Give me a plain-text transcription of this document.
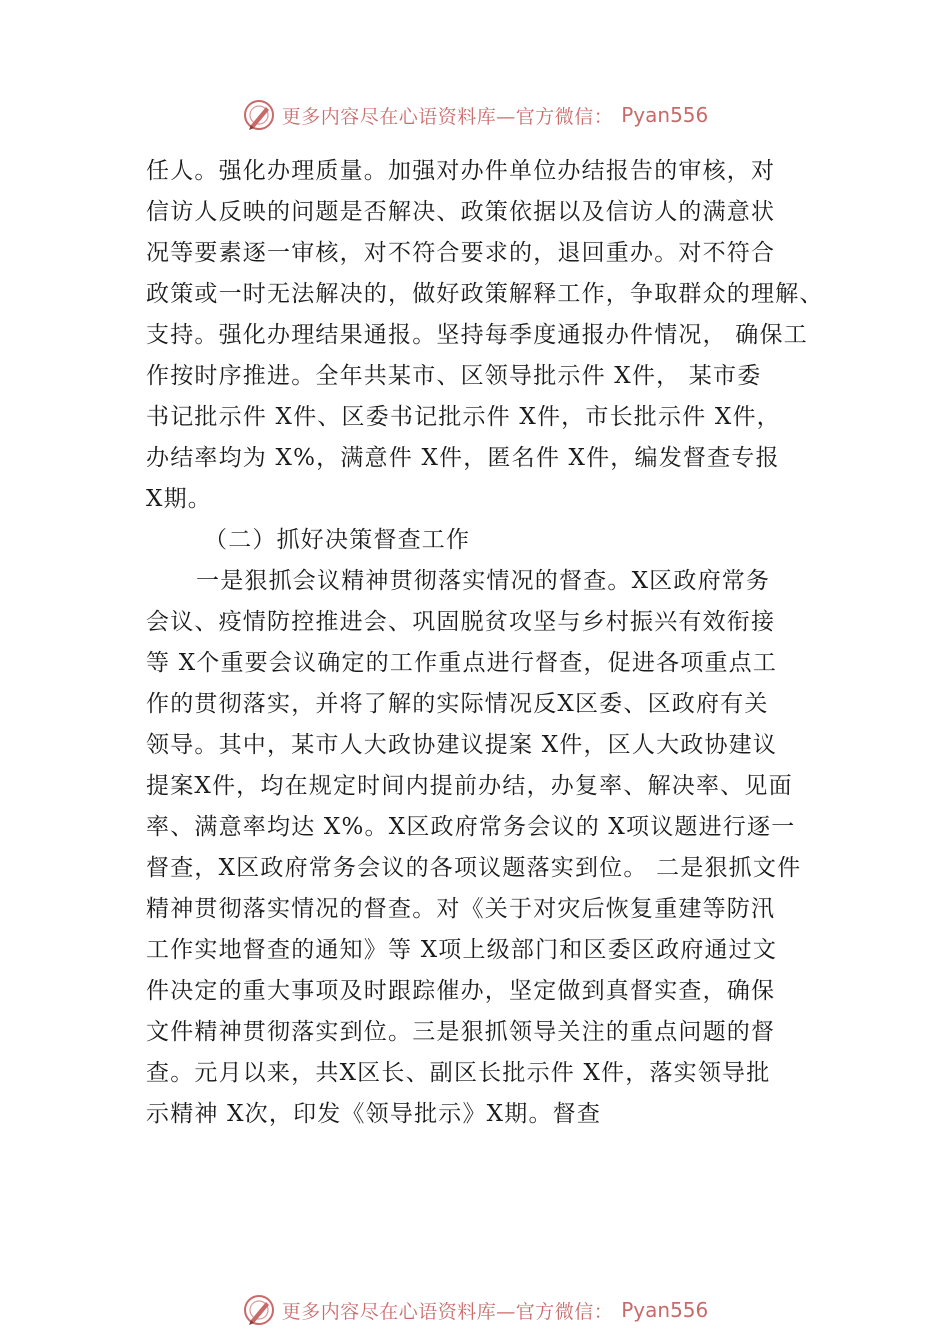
更多内容尽在心语资料库—官方微信： Pyan556
任人。强化办理质量。加强对办件单位办结报告的审核，对
信访人反映的问题是否解决、政策依据以及信访人的满意状
况等要素逐一审核，对不符合要求的，退回重办。对不符合
政策或一时无法解决的，做好政策解释工作，争取群众的理解、
支持。强化办理结果通报。坚持每季度通报办件情况， 确保工
作按时序推进。全年共某市、区领导批示件 X件， 某市委
书记批示件 X件、区委书记批示件 X件，市长批示件 X件，
办结率均为 X%，满意件 X件，匿名件 X件，编发督查专报
X期。
（二）抓好决策督查工作
一是狠抓会议精神贯彻落实情况的督查。X区政府常务
会议、疫情防控推进会、巩固脱贫攻坚与乡村振兴有效衔接
等 X个重要会议确定的工作重点进行督查，促进各项重点工
作的贯彻落实，并将了解的实际情况反X区委、区政府有关
领导。其中，某市人大政协建议提案 X件，区人大政协建议
提案X件，均在规定时间内提前办结，办复率、解决率、见面
率、满意率均达 X%。X区政府常务会议的 X项议题进行逐一
督查，X区政府常务会议的各项议题落实到位。 二是狠抓文件
精神贯彻落实情况的督查。对《关于对灾后恢复重建等防汛
工作实地督查的通知》等 X项上级部门和区委区政府通过文
件决定的重大事项及时跟踪催办，坚定做到真督实查，确保
文件精神贯彻落实到位。三是狠抓领导关注的重点问题的督
查。元月以来，共X区长、副区长批示件 X件，落实领导批
示精神 X次，印发《领导批示》X期。督查
更多内容尽在心语资料库—官方微信： Pyan556
